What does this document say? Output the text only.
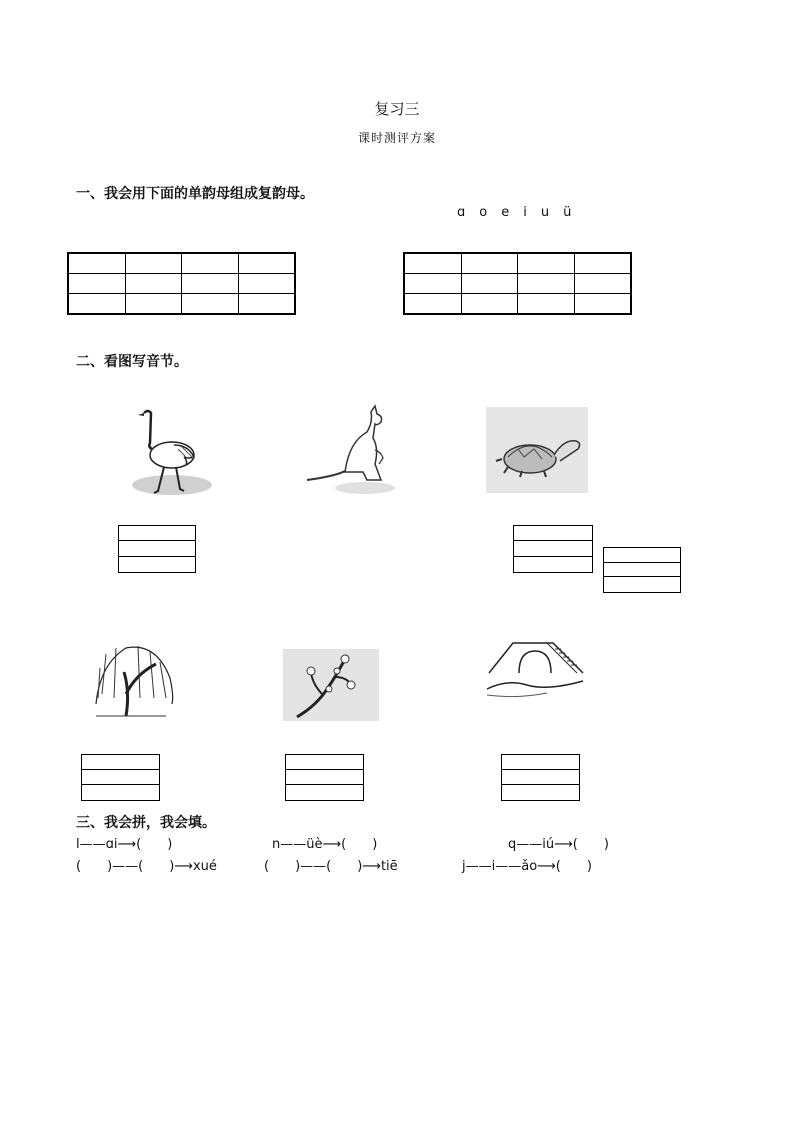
复习三
课时测评方案
一、我会用下面的单韵母组成复韵母。
ɑ o e i u ü

二、看图写音节。
三、我会拼，我会填。
l——ɑi⟶(　　)	n——üè⟶(　　)	q——iú⟶(　　)
(　　)——(　　)⟶xué	(　　)——(　　)⟶tiē	j——i——ǎo⟶(　　)
